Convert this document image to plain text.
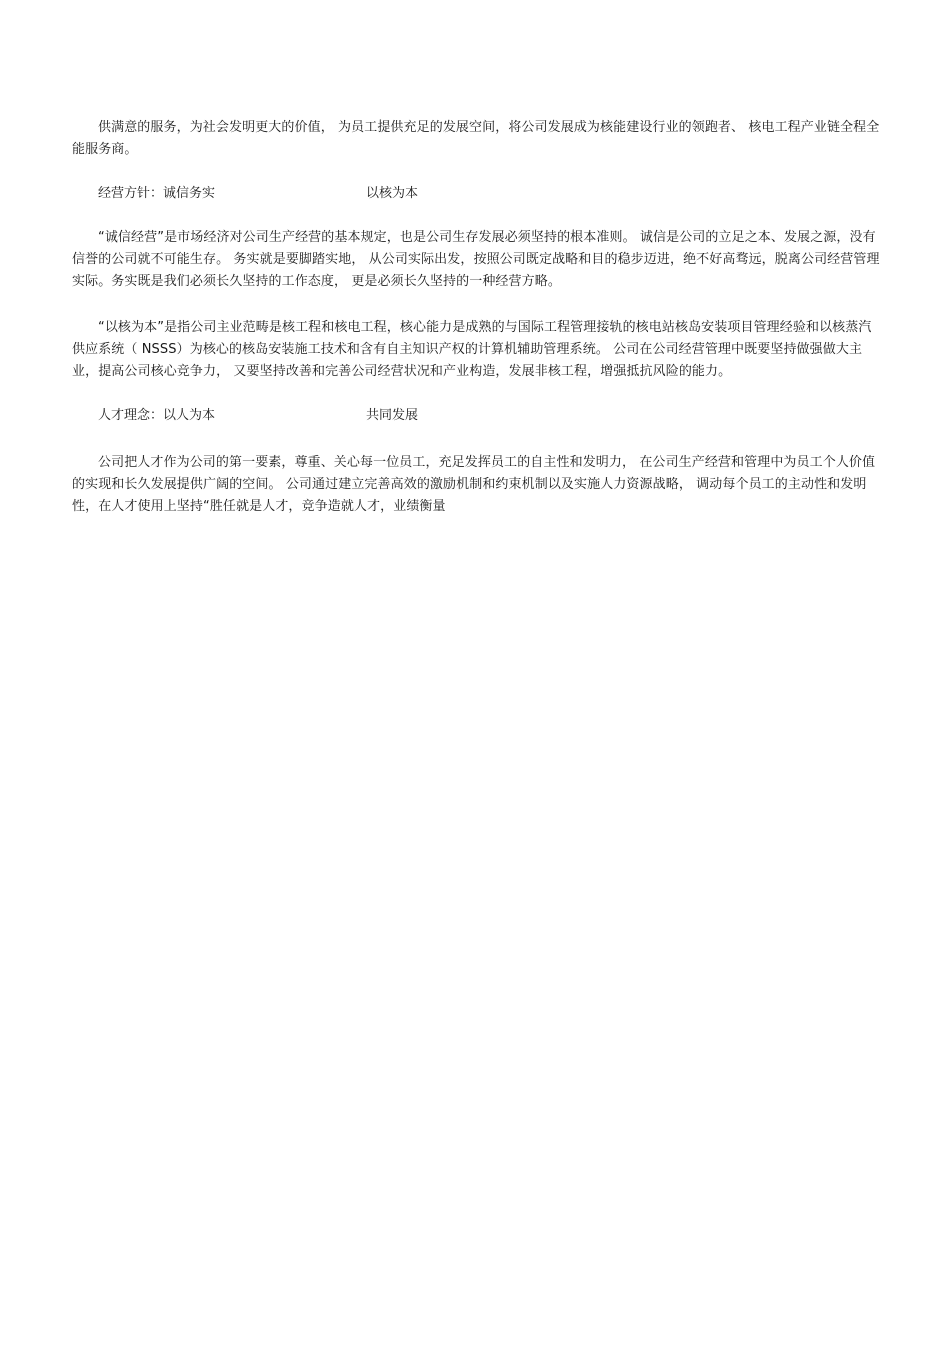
供满意的服务，为社会发明更大的价值， 为员工提供充足的发展空间，将公司发展成为核能建设行业的领跑者、 核电工程产业链全程全能服务商。

经营方针：诚信务实	以核为本

“诚信经营”是市场经济对公司生产经营的基本规定，也是公司生存发展必须坚持的根本准则。 诚信是公司的立足之本、发展之源，没有信誉的公司就不可能生存。 务实就是要脚踏实地， 从公司实际出发，按照公司既定战略和目的稳步迈进，绝不好高骛远，脱离公司经营管理实际。务实既是我们必须长久坚持的工作态度， 更是必须长久坚持的一种经营方略。

“以核为本”是指公司主业范畴是核工程和核电工程，核心能力是成熟的与国际工程管理接轨的核电站核岛安装项目管理经验和以核蒸汽供应系统（ NSSS）为核心的核岛安装施工技术和含有自主知识产权的计算机辅助管理系统。 公司在公司经营管理中既要坚持做强做大主业，提高公司核心竞争力， 又要坚持改善和完善公司经营状况和产业构造，发展非核工程，增强抵抗风险的能力。

人才理念：以人为本	共同发展

公司把人才作为公司的第一要素，尊重、关心每一位员工，充足发挥员工的自主性和发明力， 在公司生产经营和管理中为员工个人价值的实现和长久发展提供广阔的空间。 公司通过建立完善高效的激励机制和约束机制以及实施人力资源战略， 调动每个员工的主动性和发明性，在人才使用上坚持“胜任就是人才，竞争造就人才，业绩衡量
